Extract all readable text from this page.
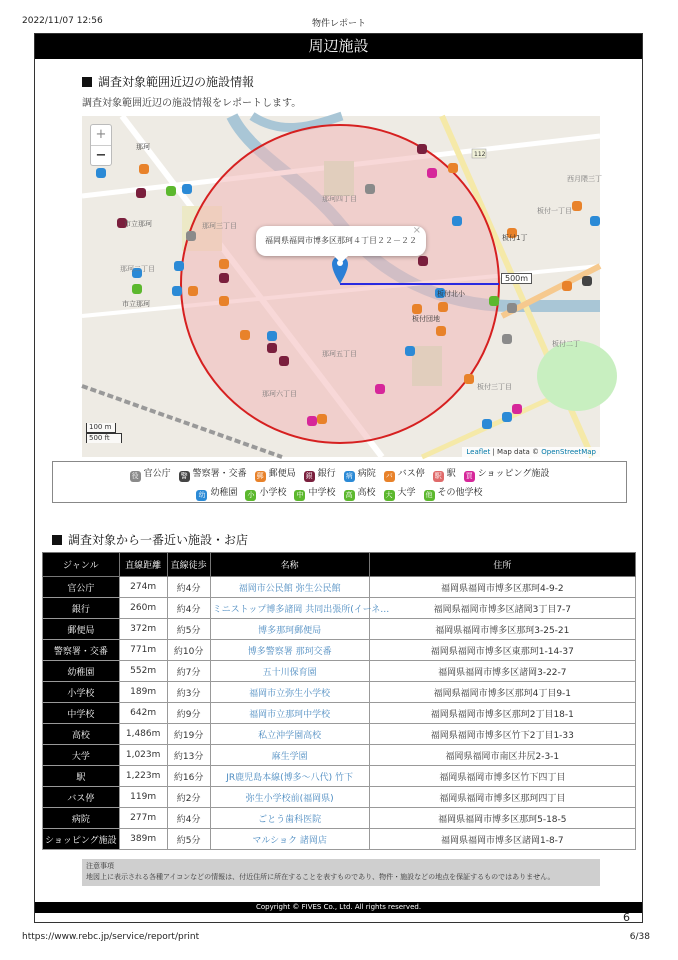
2022/11/07 12:56	物件レポート
周辺施設
調査対象範囲近辺の施設情報
調査対象範囲近辺の施設情報をレポートします。
那珂
那珂三丁目
那珂四丁目
那珂五丁目
那珂六丁目
那珂二丁目
板付一丁目
板付二丁
板付三丁目
西月隈三丁
市立那珂
市立那珂
板付北小
板付団地
板付1丁
112
+
−
福岡県福岡市博多区那珂４丁目２２－２２
×
500m
100 m
500 ft
Leaflet | Map data © OpenStreetMap
役 官公庁 警 警察署・交番 郵 郵便局 銀 銀行 病 病院 バ バス停 駅 駅 買 ショッピング施設
幼 幼稚園 小 小学校 中 中学校 高 高校 大 大学 他 その他学校
調査対象から一番近い施設・お店
ジャンル	直線距離	直線徒歩	名称	住所
官公庁	274m	約4分	福岡市公民館 弥生公民館	福岡県福岡市博多区那珂4-9-2
銀行	260m	約4分	ミニストップ博多諸岡 共同出張所(イーネ…	福岡県福岡市博多区諸岡3丁目7-7
郵便局	372m	約5分	博多那珂郵便局	福岡県福岡市博多区那珂3-25-21
警察署・交番	771m	約10分	博多警察署 那珂交番	福岡県福岡市博多区東那珂1-14-37
幼稚園	552m	約7分	五十川保育園	福岡県福岡市博多区諸岡3-22-7
小学校	189m	約3分	福岡市立弥生小学校	福岡県福岡市博多区那珂4丁目9-1
中学校	642m	約9分	福岡市立那珂中学校	福岡県福岡市博多区那珂2丁目18-1
高校	1,486m	約19分	私立沖学園高校	福岡県福岡市博多区竹下2丁目1-33
大学	1,023m	約13分	麻生学園	福岡県福岡市南区井尻2-3-1
駅	1,223m	約16分	JR鹿児島本線(博多～八代) 竹下	福岡県福岡市博多区竹下四丁目
バス停	119m	約2分	弥生小学校前(福岡県)	福岡県福岡市博多区那珂四丁目
病院	277m	約4分	ごとう歯科医院	福岡県福岡市博多区那珂5-18-5
ショッピング施設	389m	約5分	マルショク 諸岡店	福岡県福岡市博多区諸岡1-8-7
注意事項
地図上に表示される各種アイコンなどの情報は、付近住所に所在することを表すものであり、物件・施設などの地点を保証するものではありません。
Copyright © FIVES Co., Ltd. All rights reserved.
6
https://www.rebc.jp/service/report/print	6/38
